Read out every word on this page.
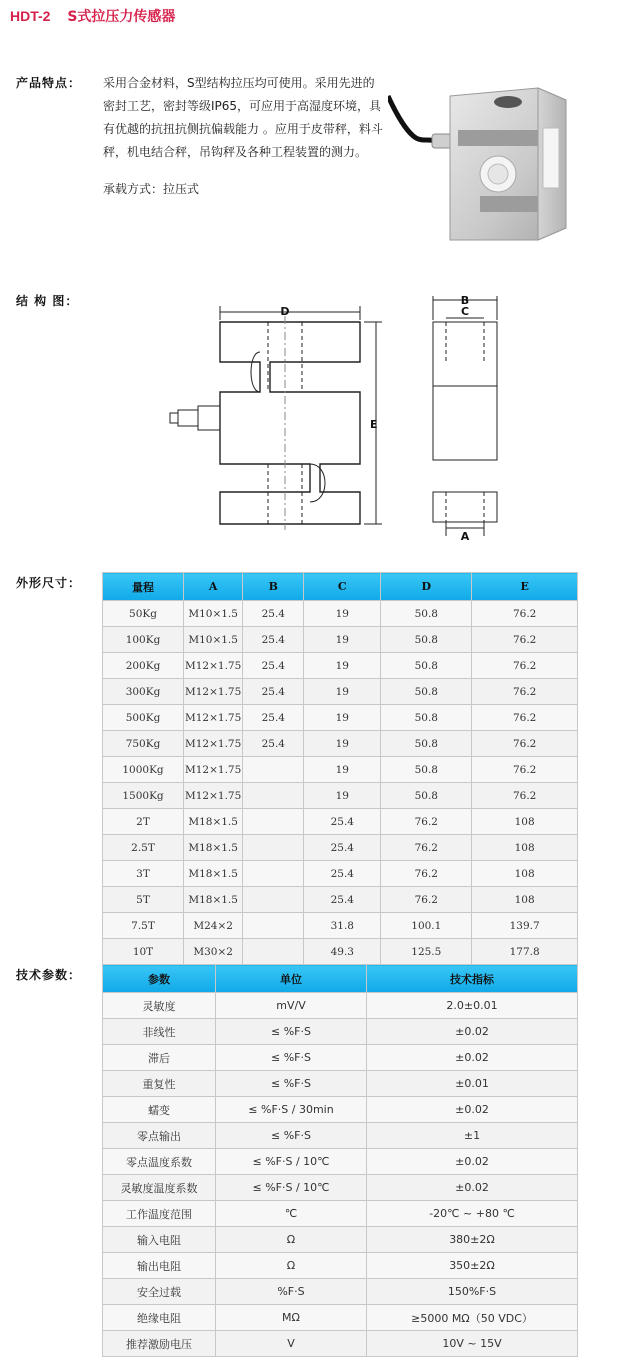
HDT-2 S式拉压力传感器
产品特点： 采用合金材料，S型结构拉压均可使用。采用先进的
密封工艺，密封等级IP65，可应用于高湿度环境，具
有优越的抗扭抗侧抗偏载能力 。应用于皮带秤，料斗
秤，机电结合秤，吊钩秤及各种工程装置的测力。
承载方式：拉压式
结 构 图：
D
E
B
C
A
外形尺寸：	量程	A	B	C	D	E
50Kg	M10×1.5	25.4	19	50.8	76.2
100Kg	M10×1.5	25.4	19	50.8	76.2
200Kg	M12×1.75	25.4	19	50.8	76.2
300Kg	M12×1.75	25.4	19	50.8	76.2
500Kg	M12×1.75	25.4	19	50.8	76.2
750Kg	M12×1.75	25.4	19	50.8	76.2
1000Kg	M12×1.75		19	50.8	76.2
1500Kg	M12×1.75		19	50.8	76.2
2T	M18×1.5		25.4	76.2	108
2.5T	M18×1.5		25.4	76.2	108
3T	M18×1.5		25.4	76.2	108
5T	M18×1.5		25.4	76.2	108
7.5T	M24×2		31.8	100.1	139.7
10T	M30×2		49.3	125.5	177.8
技术参数：	参数	单位	技术指标
灵敏度	mV/V	2.0±0.01
非线性	≤ %F·S	±0.02
滞后	≤ %F·S	±0.02
重复性	≤ %F·S	±0.01
蠕变	≤ %F·S / 30min	±0.02
零点输出	≤ %F·S	±1
零点温度系数	≤ %F·S / 10℃	±0.02
灵敏度温度系数	≤ %F·S / 10℃	±0.02
工作温度范围	℃	-20℃ ~ +80 ℃
输入电阻	Ω	380±2Ω
输出电阻	Ω	350±2Ω
安全过载	%F·S	150%F·S
绝缘电阻	MΩ	≥5000 MΩ（50 VDC）
推荐激励电压	V	10V ~ 15V
